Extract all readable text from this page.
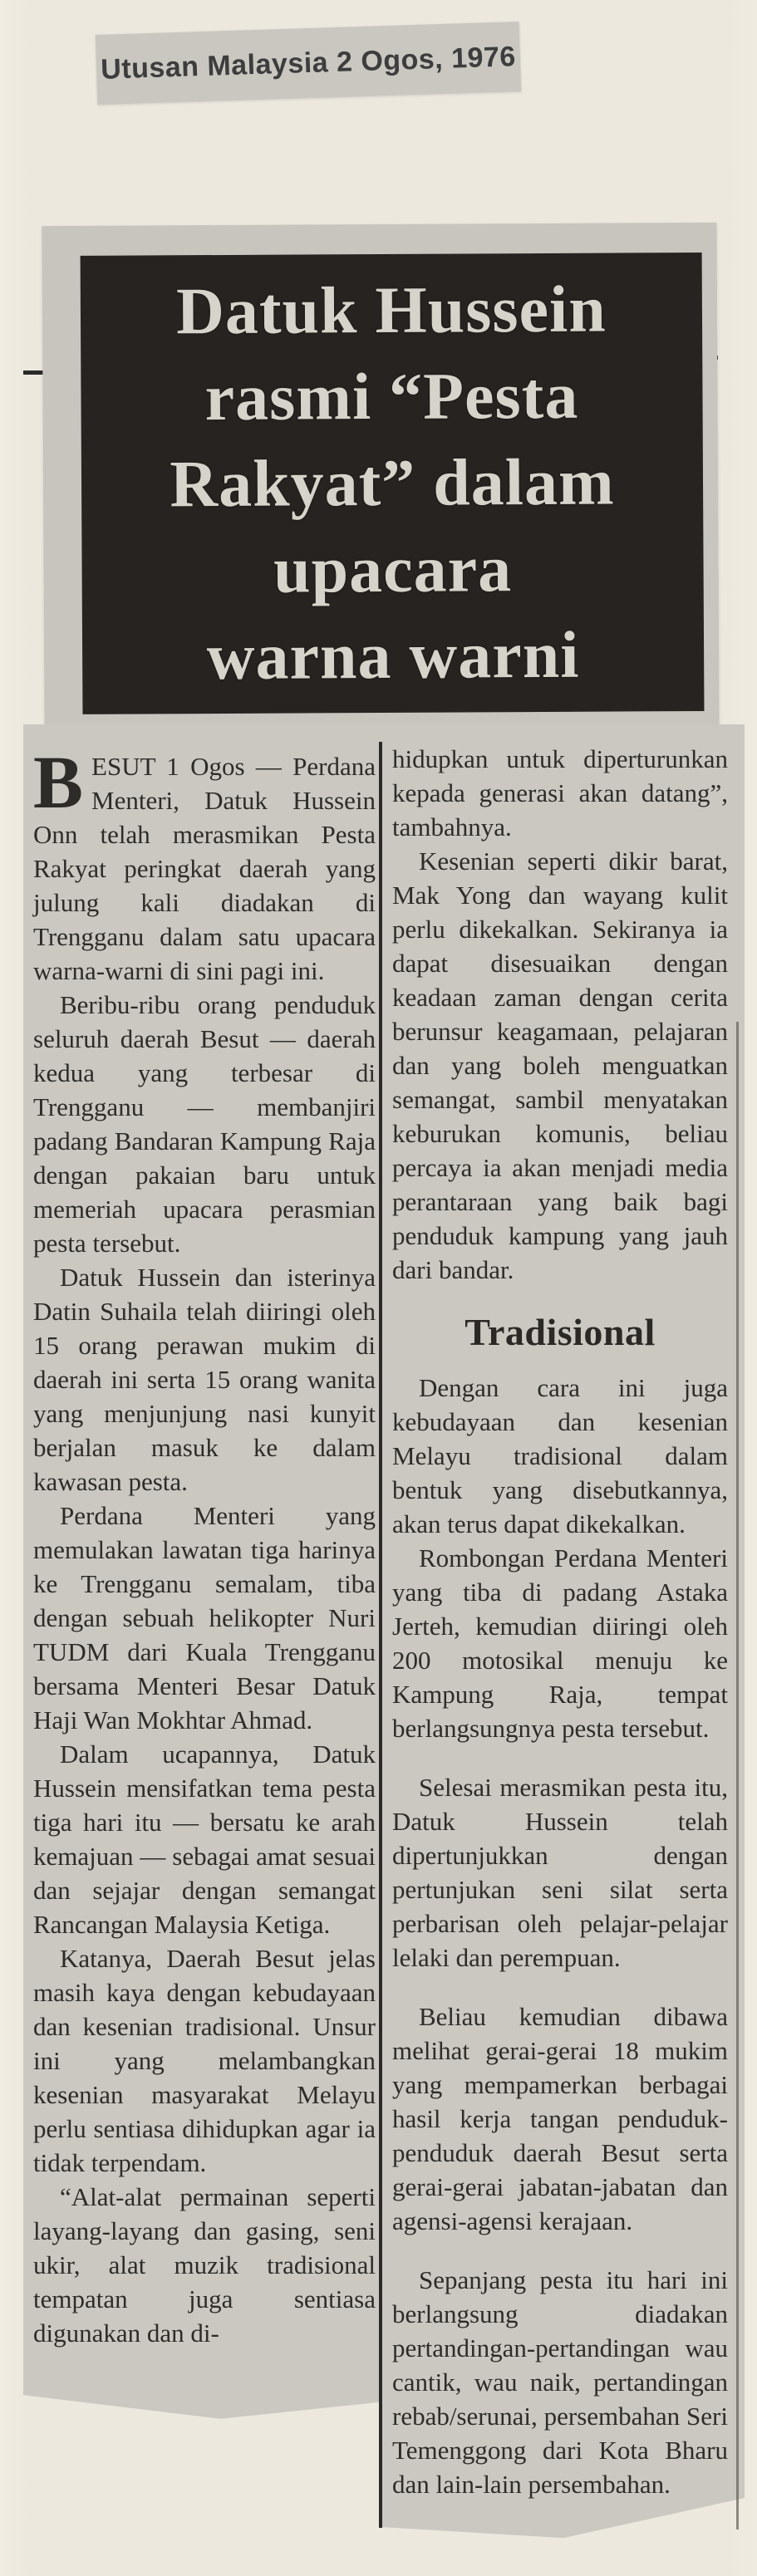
Utusan Malaysia 2 Ogos, 1976
Datuk Hussein
rasmi “Pesta
Rakyat” dalam
upacara
warna warni

BESUT 1 Ogos — Perdana Menteri, Datuk Hussein Onn telah merasmikan Pesta Rakyat peringkat daerah yang julung kali diadakan di Trengganu dalam satu upacara warna-warni di sini pagi ini.

Beribu-ribu orang penduduk seluruh daerah Besut — daerah kedua yang terbesar di Trengganu — membanjiri padang Bandaran Kampung Raja dengan pakaian baru untuk memeriah upacara perasmian pesta tersebut.

Datuk Hussein dan isterinya Datin Suhaila telah diiringi oleh 15 orang perawan mukim di daerah ini serta 15 orang wanita yang menjunjung nasi kunyit berjalan masuk ke dalam kawasan pesta.

Perdana Menteri yang memulakan lawatan tiga harinya ke Trengganu semalam, tiba dengan sebuah helikopter Nuri TUDM dari Kuala Trengganu bersama Menteri Besar Datuk Haji Wan Mokhtar Ahmad.

Dalam ucapannya, Datuk Hussein mensifatkan tema pesta tiga hari itu — bersatu ke arah kemajuan — sebagai amat sesuai dan sejajar dengan semangat Rancangan Malaysia Ketiga.

Katanya, Daerah Besut jelas masih kaya dengan kebudayaan dan kesenian tradisional. Unsur ini yang melambangkan kesenian masyarakat Melayu perlu sentiasa dihidupkan agar ia tidak terpendam.

“Alat-alat permainan seperti layang-layang dan gasing, seni ukir, alat muzik tradisional tempatan juga sentiasa digunakan dan di-

hidupkan untuk diperturunkan kepada generasi akan datang”, tambahnya.

Kesenian seperti dikir barat, Mak Yong dan wayang kulit perlu dikekalkan. Sekiranya ia dapat disesuaikan dengan keadaan zaman dengan cerita berunsur keagamaan, pelajaran dan yang boleh menguatkan semangat, sambil menyatakan keburukan komunis, beliau percaya ia akan menjadi media perantaraan yang baik bagi penduduk kampung yang jauh dari bandar.

Tradisional

Dengan cara ini juga kebudayaan dan kesenian Melayu tradisional dalam bentuk yang disebutkannya, akan terus dapat dikekalkan.

Rombongan Perdana Menteri yang tiba di padang Astaka Jerteh, kemudian diiringi oleh 200 motosikal menuju ke Kampung Raja, tempat berlangsungnya pesta tersebut.

Selesai merasmikan pesta itu, Datuk Hussein telah dipertunjukkan dengan pertunjukan seni silat serta perbarisan oleh pelajar-pelajar lelaki dan perempuan.

Beliau kemudian dibawa melihat gerai-gerai 18 mukim yang mempamerkan berbagai hasil kerja tangan penduduk-penduduk daerah Besut serta gerai-gerai jabatan-jabatan dan agensi-agensi kerajaan.

Sepanjang pesta itu hari ini berlangsung diadakan pertandingan-pertandingan wau cantik, wau naik, pertandingan rebab/serunai, persembahan Seri Temenggong dari Kota Bharu dan lain-lain persembahan.
